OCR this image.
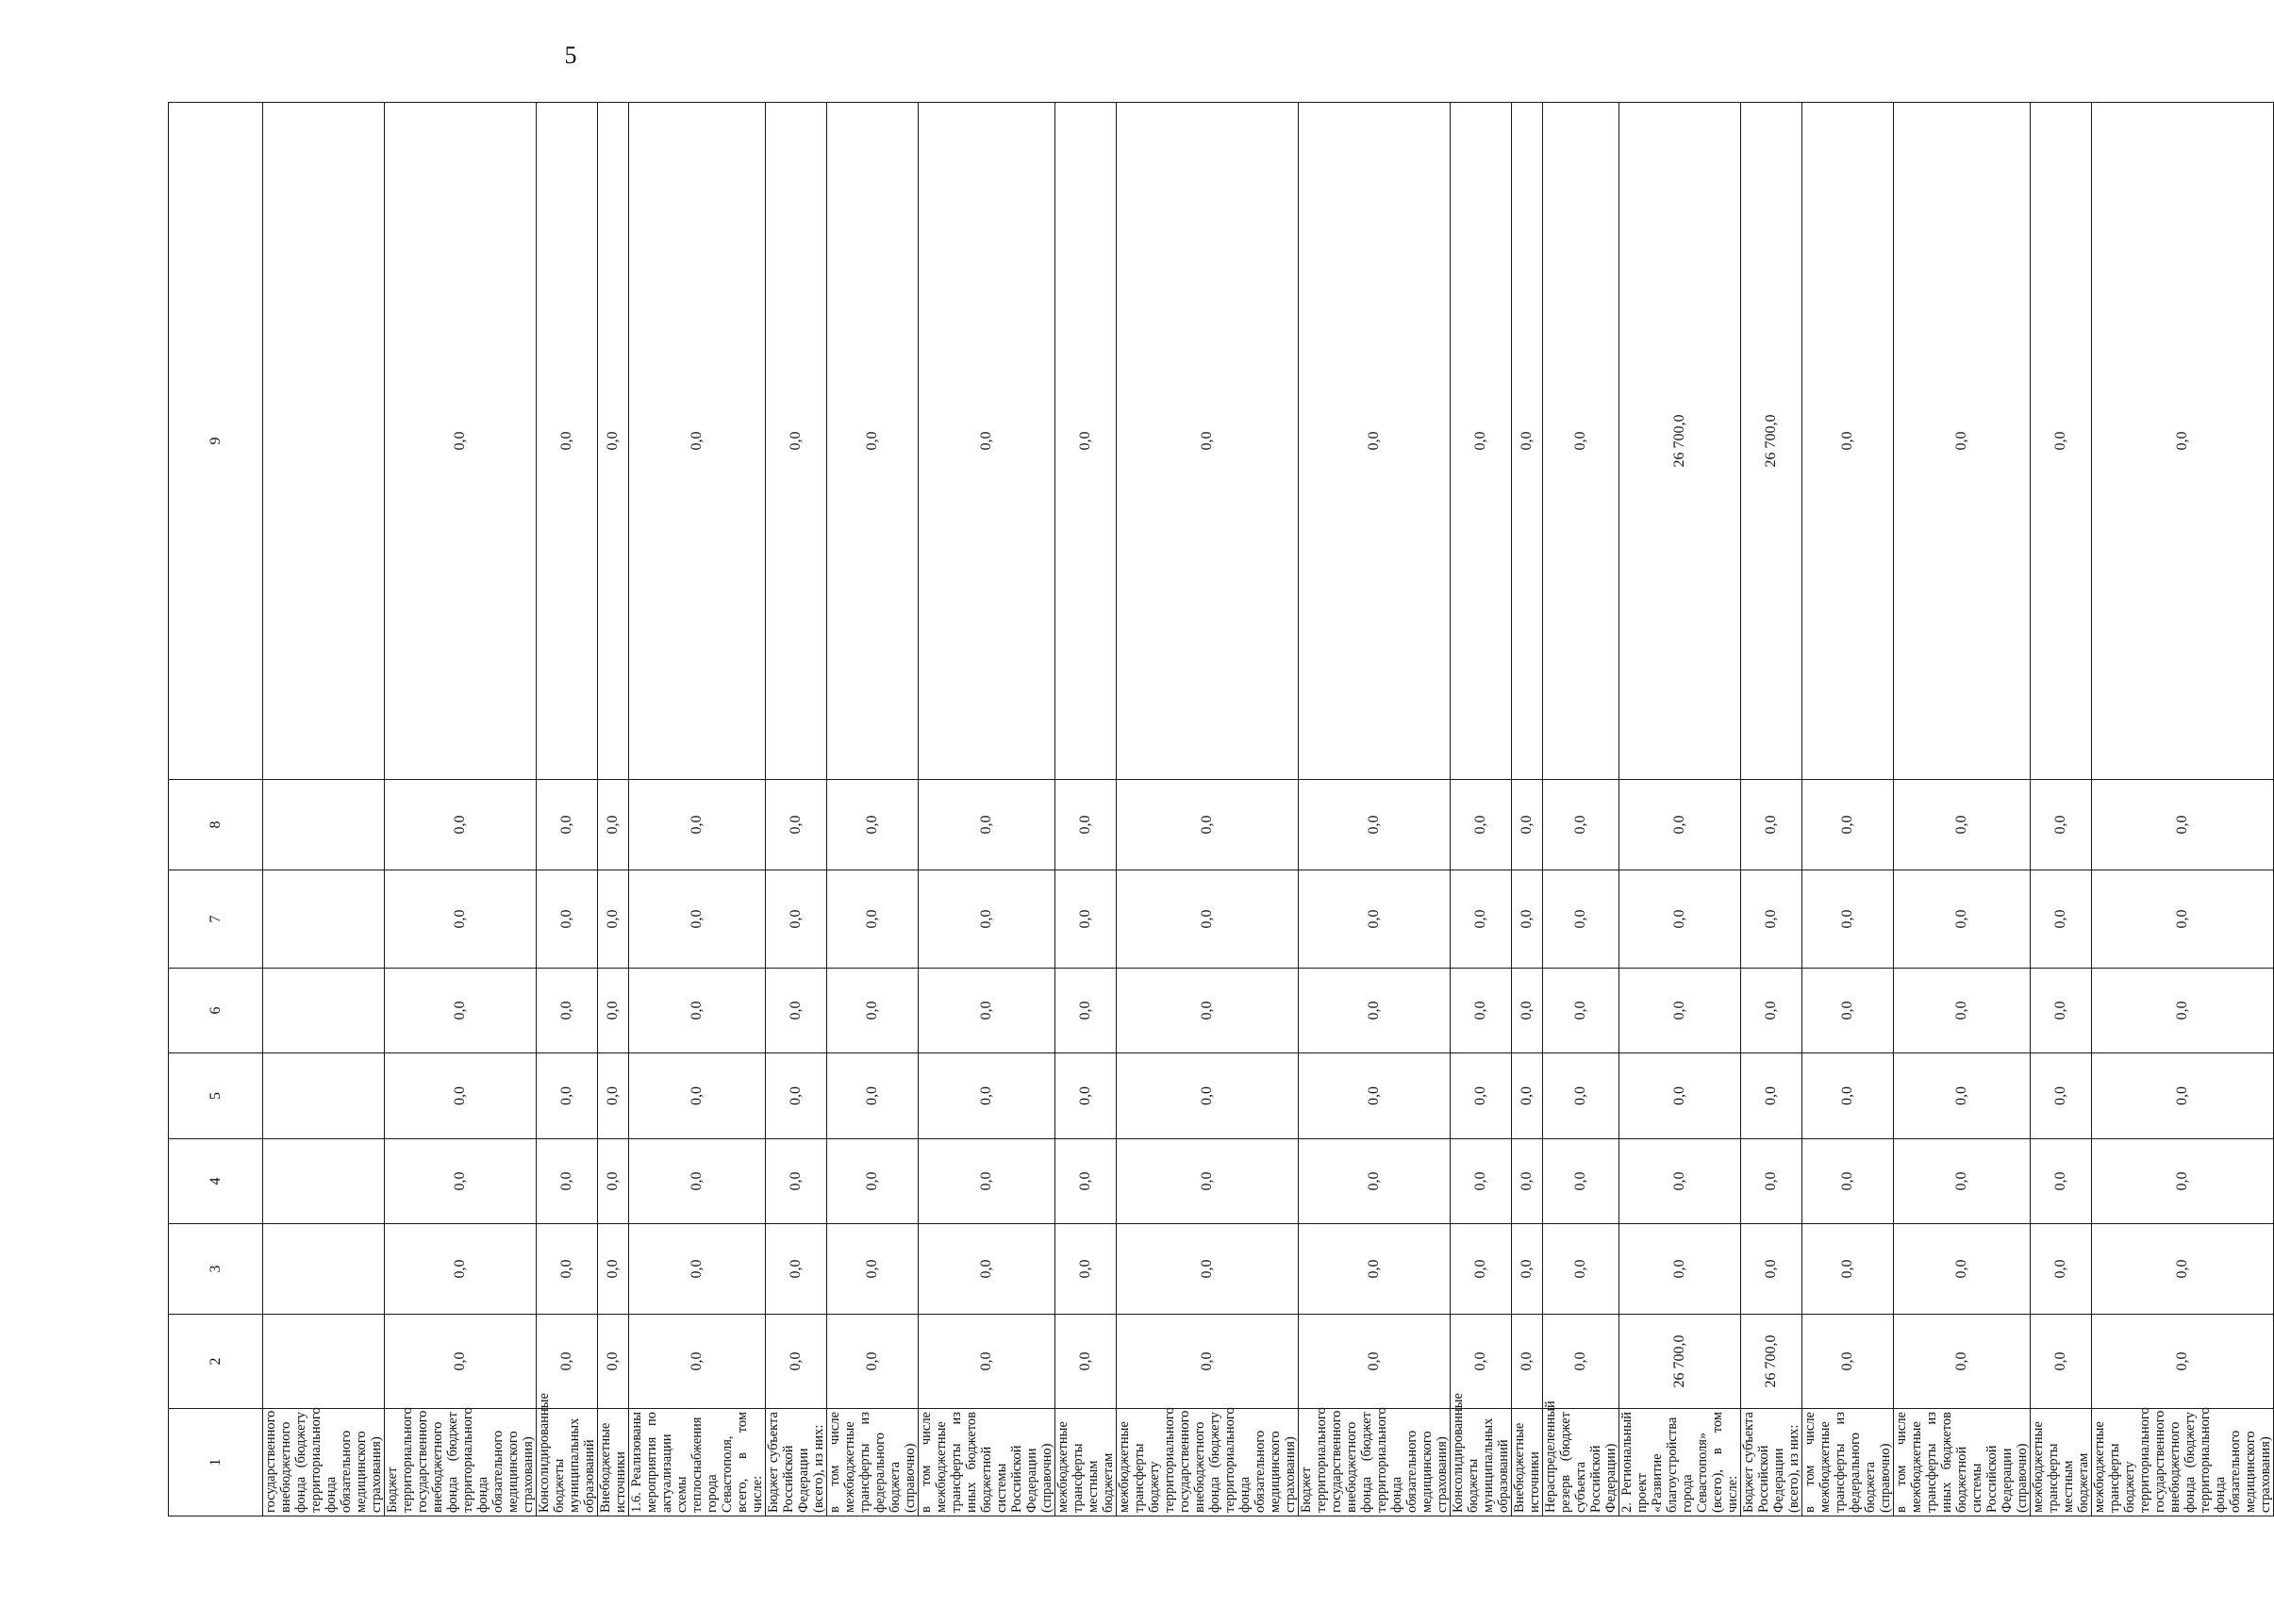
5
1	2	3	4	5	6	7	8	9
государственного внебюджетного фонда (бюджету территориального фонда обязательного медицинского страхования)								
Бюджет территориального государственного внебюджетного фонда (бюджет территориального фонда обязательного медицинского страхования)	0,0	0,0	0,0	0,0	0,0	0,0	0,0	0,0
Консолидированные бюджеты муниципальных образований	0,0	0,0	0,0	0,0	0,0	0,0	0,0	0,0
Внебюджетные источники	0,0	0,0	0,0	0,0	0,0	0,0	0,0	0,0
1.6. Реализованы мероприятия по актуализации схемы теплоснабжения города Севастополя, всего, в том числе:	0,0	0,0	0,0	0,0	0,0	0,0	0,0	0,0
Бюджет субъекта Российской Федерации (всего), из них:	0,0	0,0	0,0	0,0	0,0	0,0	0,0	0,0
в том числе межбюджетные трансферты из федерального бюджета (справочно)	0,0	0,0	0,0	0,0	0,0	0,0	0,0	0,0
в том числе межбюджетные трансферты из иных бюджетов бюджетной системы Российской Федерации (справочно)	0,0	0,0	0,0	0,0	0,0	0,0	0,0	0,0
межбюджетные трансферты местным бюджетам	0,0	0,0	0,0	0,0	0,0	0,0	0,0	0,0
межбюджетные трансферты бюджету территориального государственного внебюджетного фонда (бюджету территориального фонда обязательного медицинского страхования)	0,0	0,0	0,0	0,0	0,0	0,0	0,0	0,0
Бюджет территориального государственного внебюджетного фонда (бюджет территориального фонда обязательного медицинского страхования)	0,0	0,0	0,0	0,0	0,0	0,0	0,0	0,0
Консолидированные бюджеты муниципальных образований	0,0	0,0	0,0	0,0	0,0	0,0	0,0	0,0
Внебюджетные источники	0,0	0,0	0,0	0,0	0,0	0,0	0,0	0,0
Нераспределенный резерв (бюджет субъекта Российской Федерации)	0,0	0,0	0,0	0,0	0,0	0,0	0,0	0,0
2. Региональный проект «Развитие благоустройства города Севастополя» (всего), в том числе:	26 700,0	0,0	0,0	0,0	0,0	0,0	0,0	26 700,0
Бюджет субъекта Российской Федерации (всего), из них:	26 700,0	0,0	0,0	0,0	0,0	0,0	0,0	26 700,0
в том числе межбюджетные трансферты из федерального бюджета (справочно)	0,0	0,0	0,0	0,0	0,0	0,0	0,0	0,0
в том числе межбюджетные трансферты из иных бюджетов бюджетной системы Российской Федерации (справочно)	0,0	0,0	0,0	0,0	0,0	0,0	0,0	0,0
межбюджетные трансферты местным бюджетам	0,0	0,0	0,0	0,0	0,0	0,0	0,0	0,0
межбюджетные трансферты бюджету территориального государственного внебюджетного фонда (бюджету территориального фонда обязательного медицинского страхования)	0,0	0,0	0,0	0,0	0,0	0,0	0,0	0,0
